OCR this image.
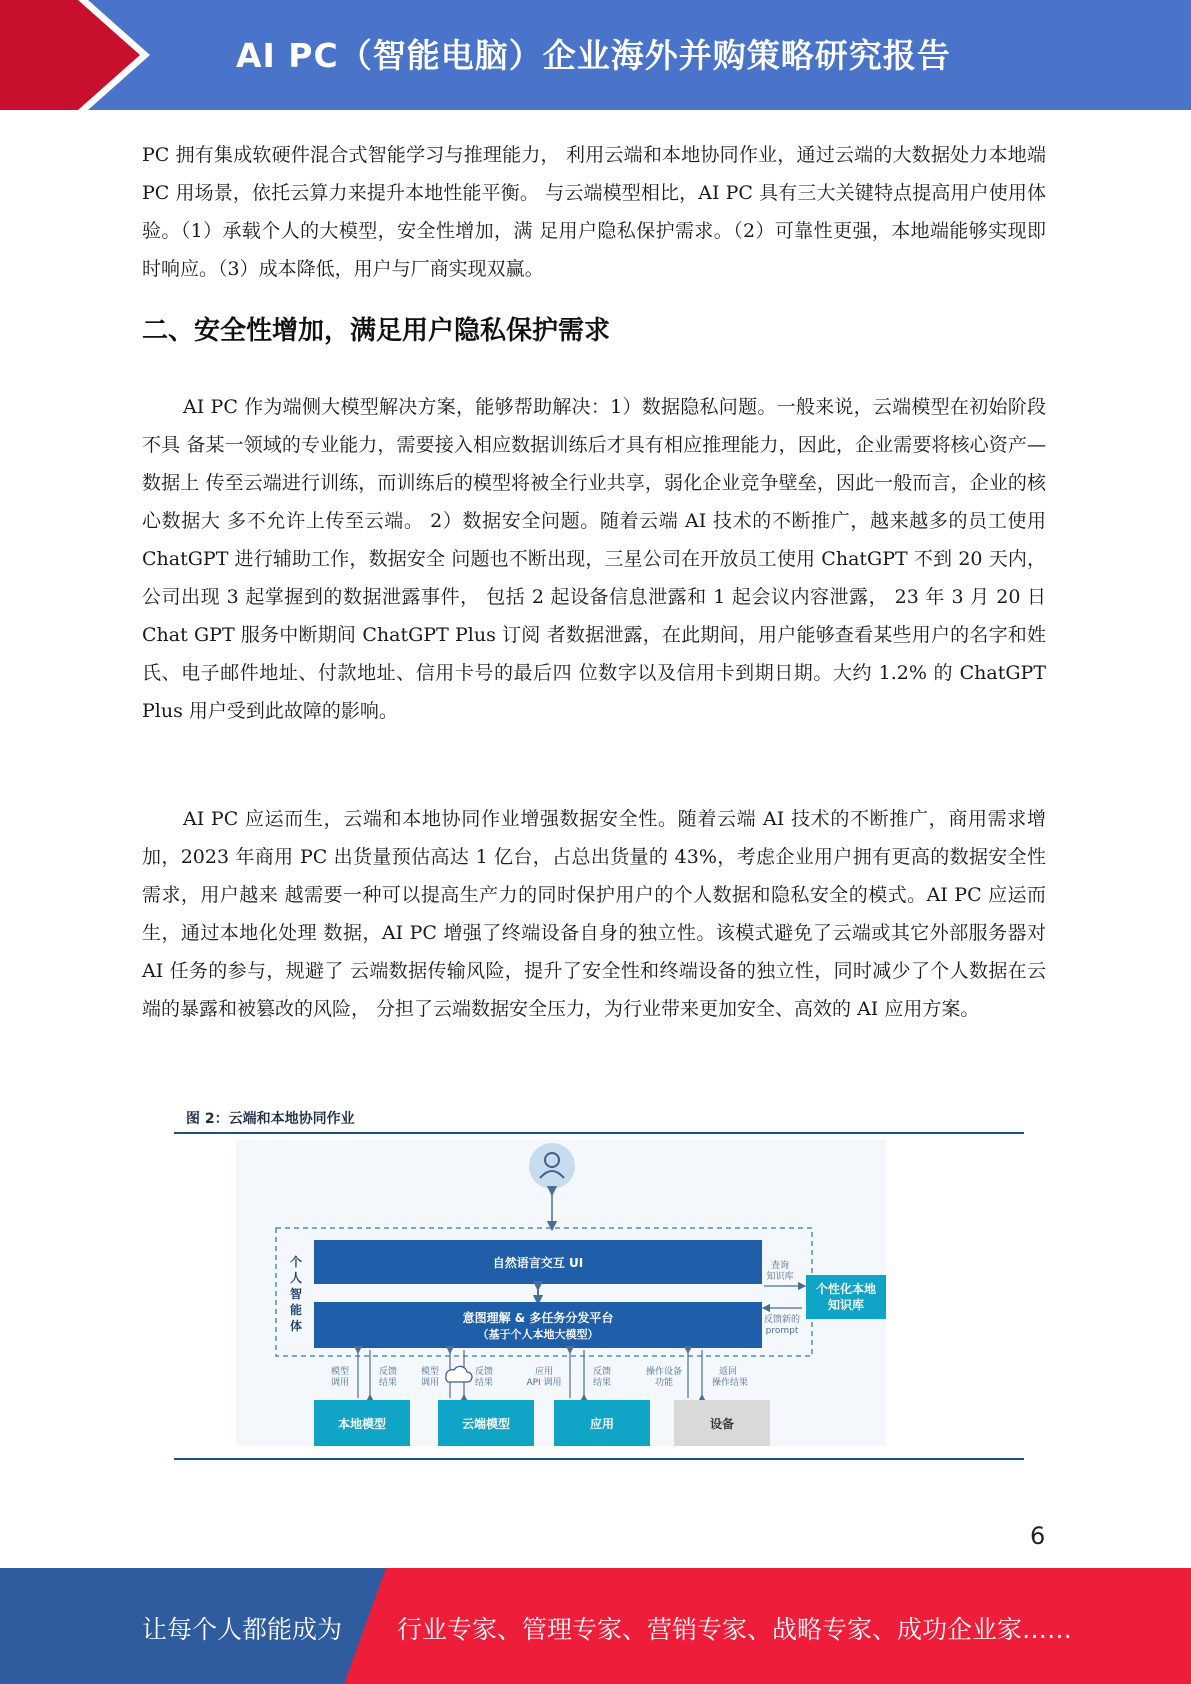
AI PC（智能电脑）企业海外并购策略研究报告

PC 拥有集成软硬件混合式智能学习与推理能力， 利用云端和本地协同作业，通过云端的大数据处力本地端 PC 用场景，依托云算力来提升本地性能平衡。 与云端模型相比，AI PC 具有三大关键特点提高用户使用体验。（1）承载个人的大模型，安全性增加，满 足用户隐私保护需求。（2）可靠性更强，本地端能够实现即时响应。（3）成本降低，用户与厂商实现双赢。

二、安全性增加，满足用户隐私保护需求

AI PC 作为端侧大模型解决方案，能够帮助解决：1）数据隐私问题。一般来说，云端模型在初始阶段不具 备某一领域的专业能力，需要接入相应数据训练后才具有相应推理能力，因此，企业需要将核心资产—数据上 传至云端进行训练，而训练后的模型将被全行业共享，弱化企业竞争壁垒，因此一般而言，企业的核心数据大 多不允许上传至云端。 2）数据安全问题。随着云端 AI 技术的不断推广，越来越多的员工使用 ChatGPT 进行辅助工作，数据安全 问题也不断出现，三星公司在开放员工使用 ChatGPT 不到 20 天内，公司出现 3 起掌握到的数据泄露事件， 包括 2 起设备信息泄露和 1 起会议内容泄露， 23 年 3 月 20 日 Chat GPT 服务中断期间 ChatGPT Plus 订阅 者数据泄露，在此期间，用户能够查看某些用户的名字和姓氏、电子邮件地址、付款地址、信用卡号的最后四 位数字以及信用卡到期日期。大约 1.2% 的 ChatGPT Plus 用户受到此故障的影响。

AI PC 应运而生，云端和本地协同作业增强数据安全性。随着云端 AI 技术的不断推广，商用需求增加，2023 年商用 PC 出货量预估高达 1 亿台，占总出货量的 43%，考虑企业用户拥有更高的数据安全性需求，用户越来 越需要一种可以提高生产力的同时保护用户的个人数据和隐私安全的模式。AI PC 应运而生，通过本地化处理 数据，AI PC 增强了终端设备自身的独立性。该模式避免了云端或其它外部服务器对 AI 任务的参与，规避了 云端数据传输风险，提升了安全性和终端设备的独立性，同时减少了个人数据在云端的暴露和被篡改的风险， 分担了云端数据安全压力，为行业带来更加安全、高效的 AI 应用方案。

图 2：云端和本地协同作业
个
人
智
能
体
自然语言交互 UI
意图理解 & 多任务分发平台
（基于个人本地大模型）
查询
知识库
反馈新的
prompt
个性化本地
知识库
模型
调用
反馈
结果
模型
调用
反馈
结果
应用
API 调用
反馈
结果
操作设备
功能
返回
操作结果
本地模型	云端模型	应用	设备
6
让每个人都能成为 行业专家、管理专家、营销专家、战略专家、成功企业家……
